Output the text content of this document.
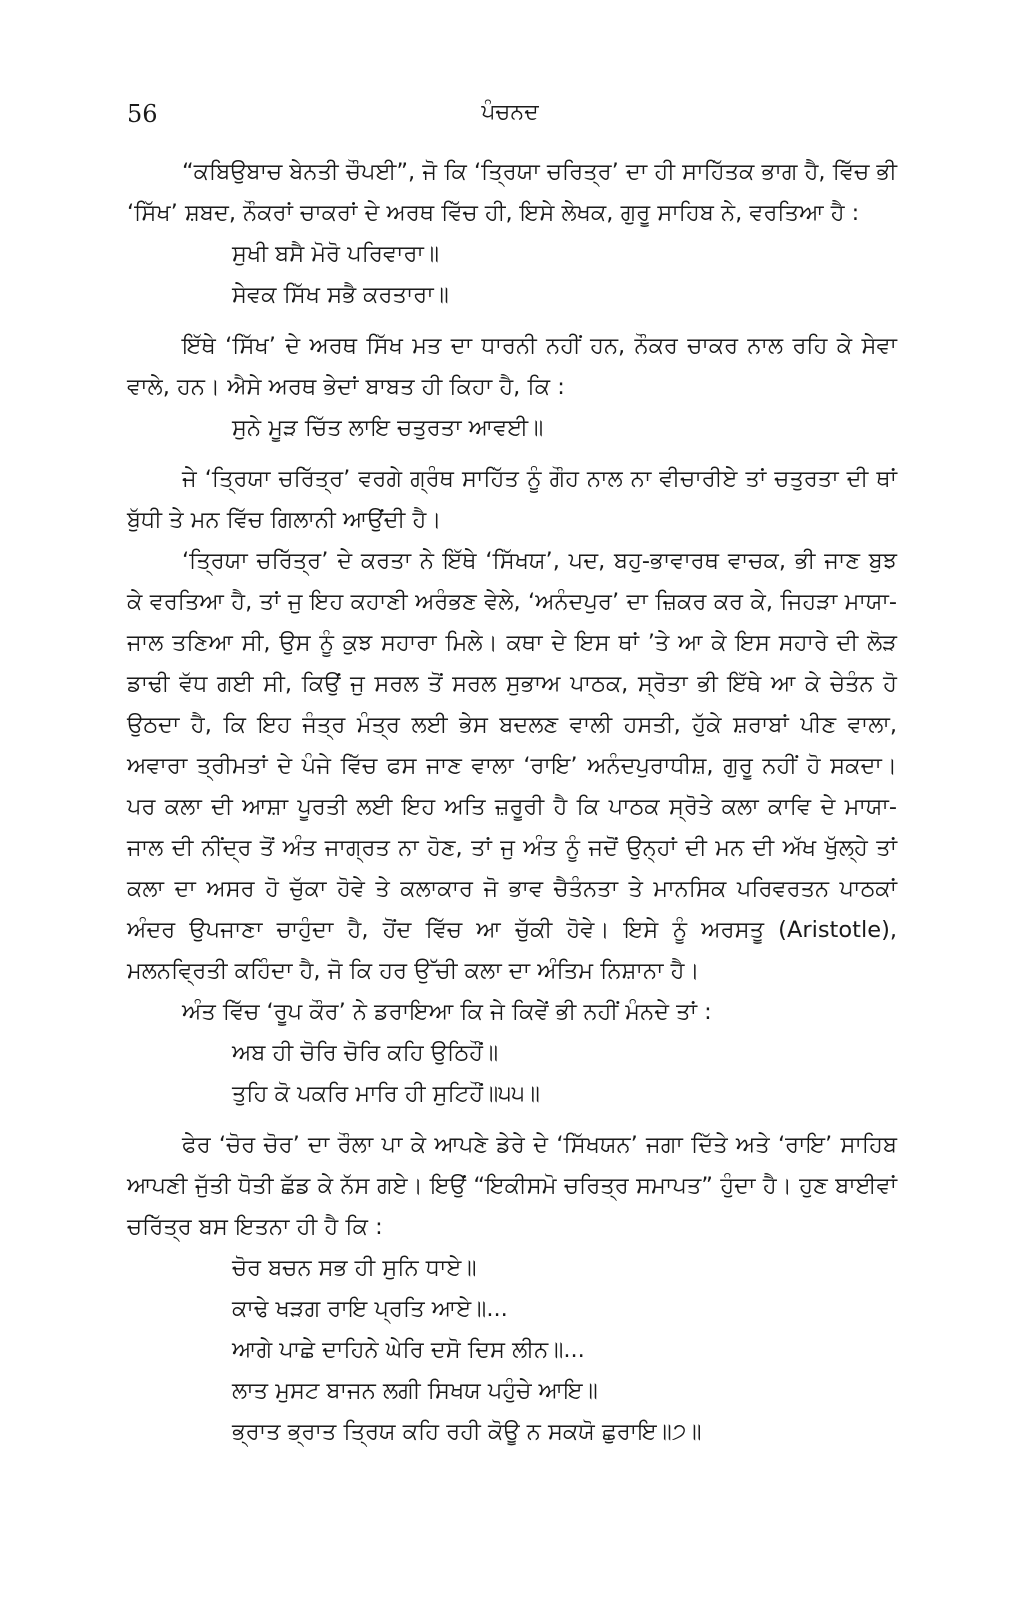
56	ਪੰਚਨਦ

“ਕਬਿਉਬਾਚ ਬੇਨਤੀ ਚੌਪਈ”, ਜੋ ਕਿ ‘ਤ੍ਰਿਯਾ ਚਰਿਤ੍ਰ’ ਦਾ ਹੀ ਸਾਹਿੱਤਕ ਭਾਗ ਹੈ, ਵਿੱਚ ਭੀ ‘ਸਿੱਖ’ ਸ਼ਬਦ, ਨੌਕਰਾਂ ਚਾਕਰਾਂ ਦੇ ਅਰਥ ਵਿੱਚ ਹੀ, ਇਸੇ ਲੇਖਕ, ਗੁਰੂ ਸਾਹਿਬ ਨੇ, ਵਰਤਿਆ ਹੈ :

ਸੁਖੀ ਬਸੈ ਮੋਰੋ ਪਰਿਵਾਰਾ॥
ਸੇਵਕ ਸਿੱਖ ਸਭੈ ਕਰਤਾਰਾ॥

ਇੱਥੇ ‘ਸਿੱਖ’ ਦੇ ਅਰਥ ਸਿੱਖ ਮਤ ਦਾ ਧਾਰਨੀ ਨਹੀਂ ਹਨ, ਨੌਕਰ ਚਾਕਰ ਨਾਲ ਰਹਿ ਕੇ ਸੇਵਾ ਵਾਲੇ, ਹਨ। ਐਸੇ ਅਰਥ ਭੇਦਾਂ ਬਾਬਤ ਹੀ ਕਿਹਾ ਹੈ, ਕਿ :

ਸੁਨੇ ਮੂੜ ਚਿੱਤ ਲਾਇ ਚਤੁਰਤਾ ਆਵਈ॥

ਜੇ ‘ਤ੍ਰਿਯਾ ਚਰਿੱਤ੍ਰ’ ਵਰਗੇ ਗ੍ਰੰਥ ਸਾਹਿੱਤ ਨੂੰ ਗੌਹ ਨਾਲ ਨਾ ਵੀਚਾਰੀਏ ਤਾਂ ਚਤੁਰਤਾ ਦੀ ਥਾਂ ਬੁੱਧੀ ਤੇ ਮਨ ਵਿੱਚ ਗਿਲਾਨੀ ਆਉਂਦੀ ਹੈ।

‘ਤ੍ਰਿਯਾ ਚਰਿੱਤ੍ਰ’ ਦੇ ਕਰਤਾ ਨੇ ਇੱਥੇ ‘ਸਿੱਖਯ’, ਪਦ, ਬਹੁ-ਭਾਵਾਰਥ ਵਾਚਕ, ਭੀ ਜਾਣ ਬੁਝ ਕੇ ਵਰਤਿਆ ਹੈ, ਤਾਂ ਜੁ ਇਹ ਕਹਾਣੀ ਅਰੰਭਣ ਵੇਲੇ, ‘ਅਨੰਦਪੁਰ’ ਦਾ ਜ਼ਿਕਰ ਕਰ ਕੇ, ਜਿਹੜਾ ਮਾਯਾ-ਜਾਲ ਤਣਿਆ ਸੀ, ਉਸ ਨੂੰ ਕੁਝ ਸਹਾਰਾ ਮਿਲੇ। ਕਥਾ ਦੇ ਇਸ ਥਾਂ ’ਤੇ ਆ ਕੇ ਇਸ ਸਹਾਰੇ ਦੀ ਲੋੜ ਡਾਢੀ ਵੱਧ ਗਈ ਸੀ, ਕਿਉਂ ਜੁ ਸਰਲ ਤੋਂ ਸਰਲ ਸੁਭਾਅ ਪਾਠਕ, ਸ੍ਰੋਤਾ ਭੀ ਇੱਥੇ ਆ ਕੇ ਚੇਤੰਨ ਹੋ ਉਠਦਾ ਹੈ, ਕਿ ਇਹ ਜੰਤ੍ਰ ਮੰਤ੍ਰ ਲਈ ਭੇਸ ਬਦਲਣ ਵਾਲੀ ਹਸਤੀ, ਹੁੱਕੇ ਸ਼ਰਾਬਾਂ ਪੀਣ ਵਾਲਾ, ਅਵਾਰਾ ਤ੍ਰੀਮਤਾਂ ਦੇ ਪੰਜੇ ਵਿੱਚ ਫਸ ਜਾਣ ਵਾਲਾ ‘ਰਾਇ’ ਅਨੰਦਪੁਰਾਧੀਸ਼, ਗੁਰੂ ਨਹੀਂ ਹੋ ਸਕਦਾ। ਪਰ ਕਲਾ ਦੀ ਆਸ਼ਾ ਪੂਰਤੀ ਲਈ ਇਹ ਅਤਿ ਜ਼ਰੂਰੀ ਹੈ ਕਿ ਪਾਠਕ ਸ੍ਰੋਤੇ ਕਲਾ ਕਾਵਿ ਦੇ ਮਾਯਾ-ਜਾਲ ਦੀ ਨੀਂਦ੍ਰ ਤੋਂ ਅੰਤ ਜਾਗ੍ਰਤ ਨਾ ਹੋਣ, ਤਾਂ ਜੁ ਅੰਤ ਨੂੰ ਜਦੋਂ ਉਨ੍ਹਾਂ ਦੀ ਮਨ ਦੀ ਅੱਖ ਖੁੱਲ੍ਹੇ ਤਾਂ ਕਲਾ ਦਾ ਅਸਰ ਹੋ ਚੁੱਕਾ ਹੋਵੇ ਤੇ ਕਲਾਕਾਰ ਜੋ ਭਾਵ ਚੈਤੰਨਤਾ ਤੇ ਮਾਨਸਿਕ ਪਰਿਵਰਤਨ ਪਾਠਕਾਂ ਅੰਦਰ ਉਪਜਾਣਾ ਚਾਹੁੰਦਾ ਹੈ, ਹੋਂਦ ਵਿੱਚ ਆ ਚੁੱਕੀ ਹੋਵੇ। ਇਸੇ ਨੂੰ ਅਰਸਤੂ (Aristotle), ਮਲਨਵ੍ਰਿਤੀ ਕਹਿੰਦਾ ਹੈ, ਜੋ ਕਿ ਹਰ ਉੱਚੀ ਕਲਾ ਦਾ ਅੰਤਿਮ ਨਿਸ਼ਾਨਾ ਹੈ।

ਅੰਤ ਵਿੱਚ ‘ਰੂਪ ਕੌਰ’ ਨੇ ਡਰਾਇਆ ਕਿ ਜੇ ਕਿਵੇਂ ਭੀ ਨਹੀਂ ਮੰਨਦੇ ਤਾਂ :

ਅਬ ਹੀ ਚੋਰਿ ਚੋਰਿ ਕਹਿ ਉਠਿਹੌਂ॥
ਤੁਹਿ ਕੋ ਪਕਰਿ ਮਾਰਿ ਹੀ ਸੁਟਿਹੌਂ॥੫੫॥

ਫੇਰ ‘ਚੋਰ ਚੋਰ’ ਦਾ ਰੌਲਾ ਪਾ ਕੇ ਆਪਣੇ ਡੇਰੇ ਦੇ ‘ਸਿੱਖਯਨ’ ਜਗਾ ਦਿੱਤੇ ਅਤੇ ‘ਰਾਇ’ ਸਾਹਿਬ ਆਪਣੀ ਜੁੱਤੀ ਧੋਤੀ ਛੱਡ ਕੇ ਨੱਸ ਗਏ। ਇਉਂ “ਇਕੀਸਮੋ ਚਰਿਤ੍ਰ ਸਮਾਪਤ” ਹੁੰਦਾ ਹੈ। ਹੁਣ ਬਾਈਵਾਂ ਚਰਿੱਤ੍ਰ ਬਸ ਇਤਨਾ ਹੀ ਹੈ ਕਿ :

ਚੋਰ ਬਚਨ ਸਭ ਹੀ ਸੁਨਿ ਧਾਏ॥
ਕਾਢੇ ਖੜਗ ਰਾਇ ਪ੍ਰਤਿ ਆਏ॥...
ਆਗੇ ਪਾਛੇ ਦਾਹਿਨੇ ਘੇਰਿ ਦਸੋ ਦਿਸ ਲੀਨ॥...
ਲਾਤ ਮੁਸਟ ਬਾਜਨ ਲਗੀ ਸਿਖਯ ਪਹੁੰਚੇ ਆਇ॥
ਭ੍ਰਾਤ ਭ੍ਰਾਤ ਤ੍ਰਿਯ ਕਹਿ ਰਹੀ ਕੋਊ ਨ ਸਕਯੋ ਛੁਰਾਇ॥੭॥
